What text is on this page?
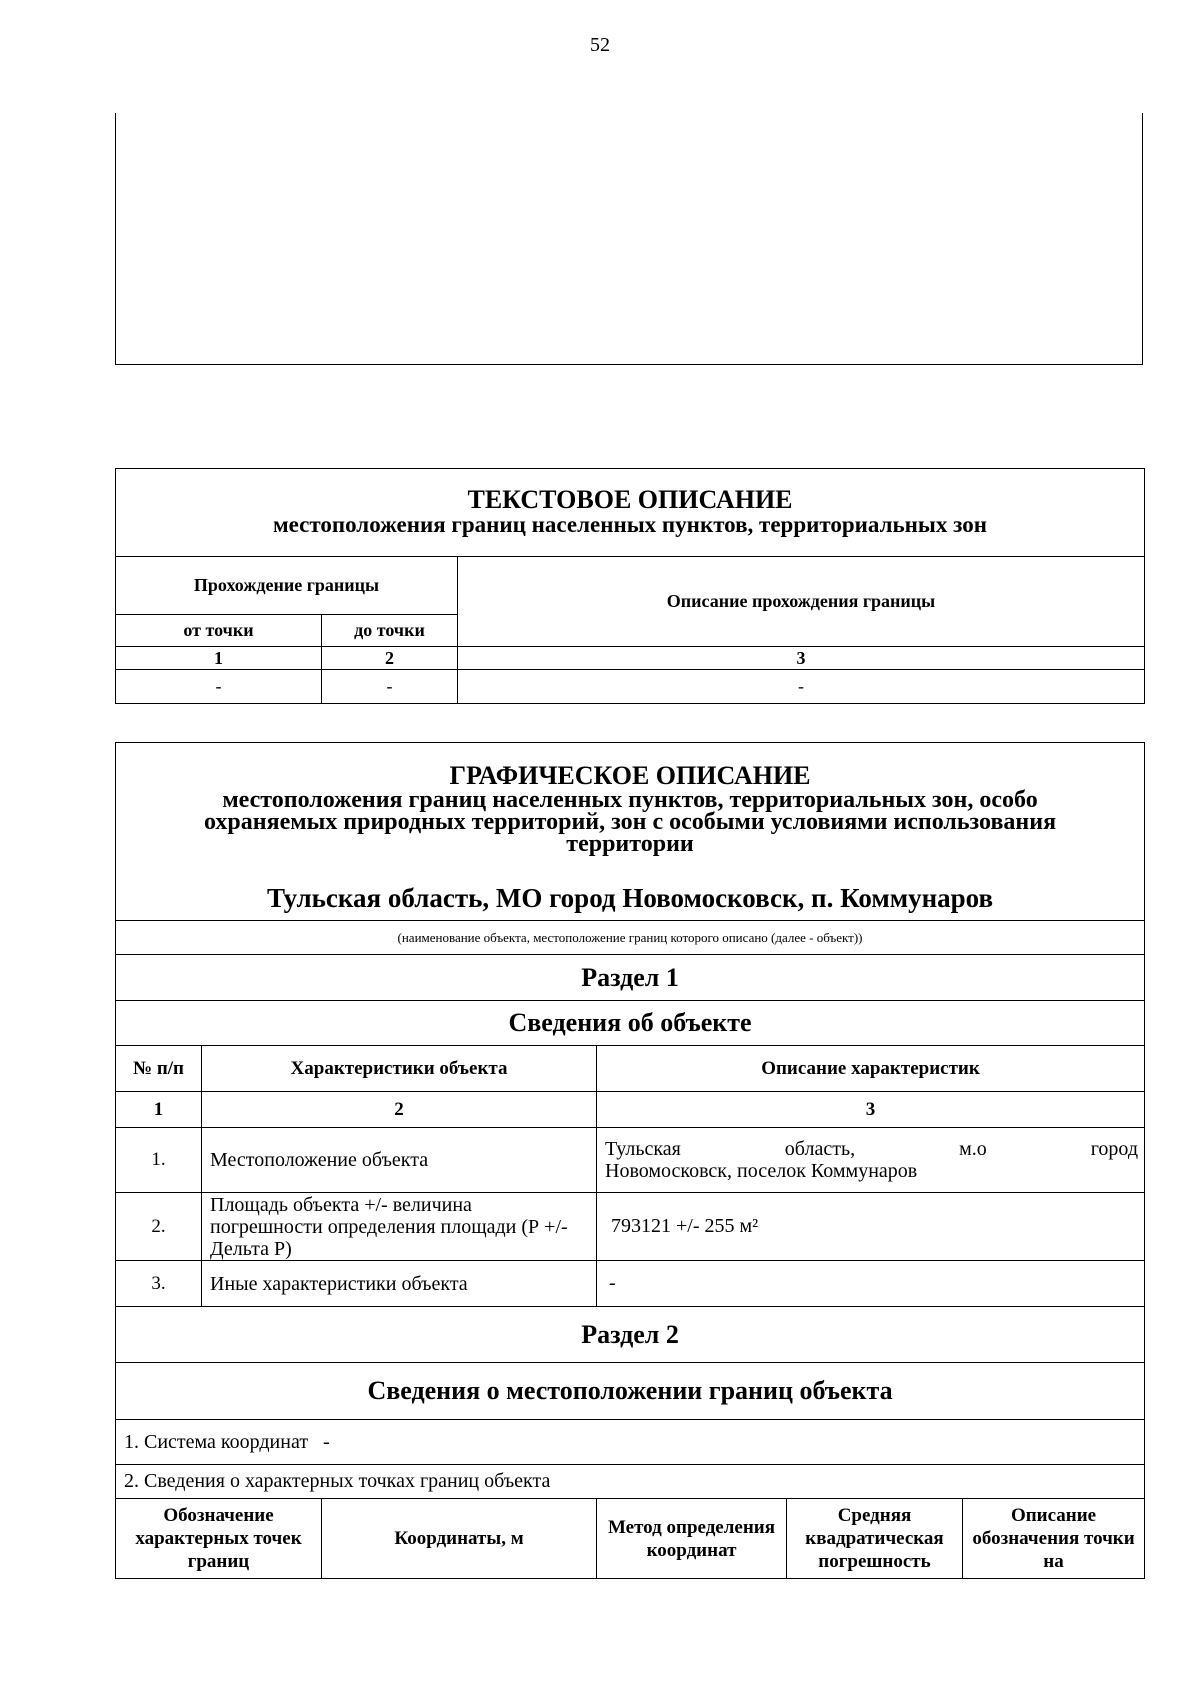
52
ТЕКСТОВОЕ ОПИСАНИЕ
местоположения границ населенных пунктов, территориальных зон		

Прохождение границы		Описание прохождения границы
от точки	до точки	
1	2	3
-	-	-
ГРАФИЧЕСКОЕ ОПИСАНИЕ
местоположения границ населенных пунктов, территориальных зон, особо
охраняемых природных территорий, зон с особыми условиями использования
территории
Тульская область, МО город Новомосковск, п. Коммунаров					

(наименование объекта, местоположение границ которого описано (далее - объект))					
Раздел 1					
Сведения об объекте					
№ п/п	Характеристики объекта		Описание характеристик		
1	2		3		
1.	Местоположение объекта		Тульская область, м.о город
Новомосковск, поселок Коммунаров		

2.	Площадь объекта +/- величина
погрешности определения площади (Р +/- Дельта Р)		793121 +/- 255 м²		
3.	Иные характеристики объекта		-		
Раздел 2					
Сведения о местоположении границ объекта					
1. Система координат   -					
2. Сведения о характерных точках границ объекта					
Обозначение характерных точек границ		Координаты, м	Метод определения координат	Средняя квадратическая погрешность	Описание обозначения точки на
